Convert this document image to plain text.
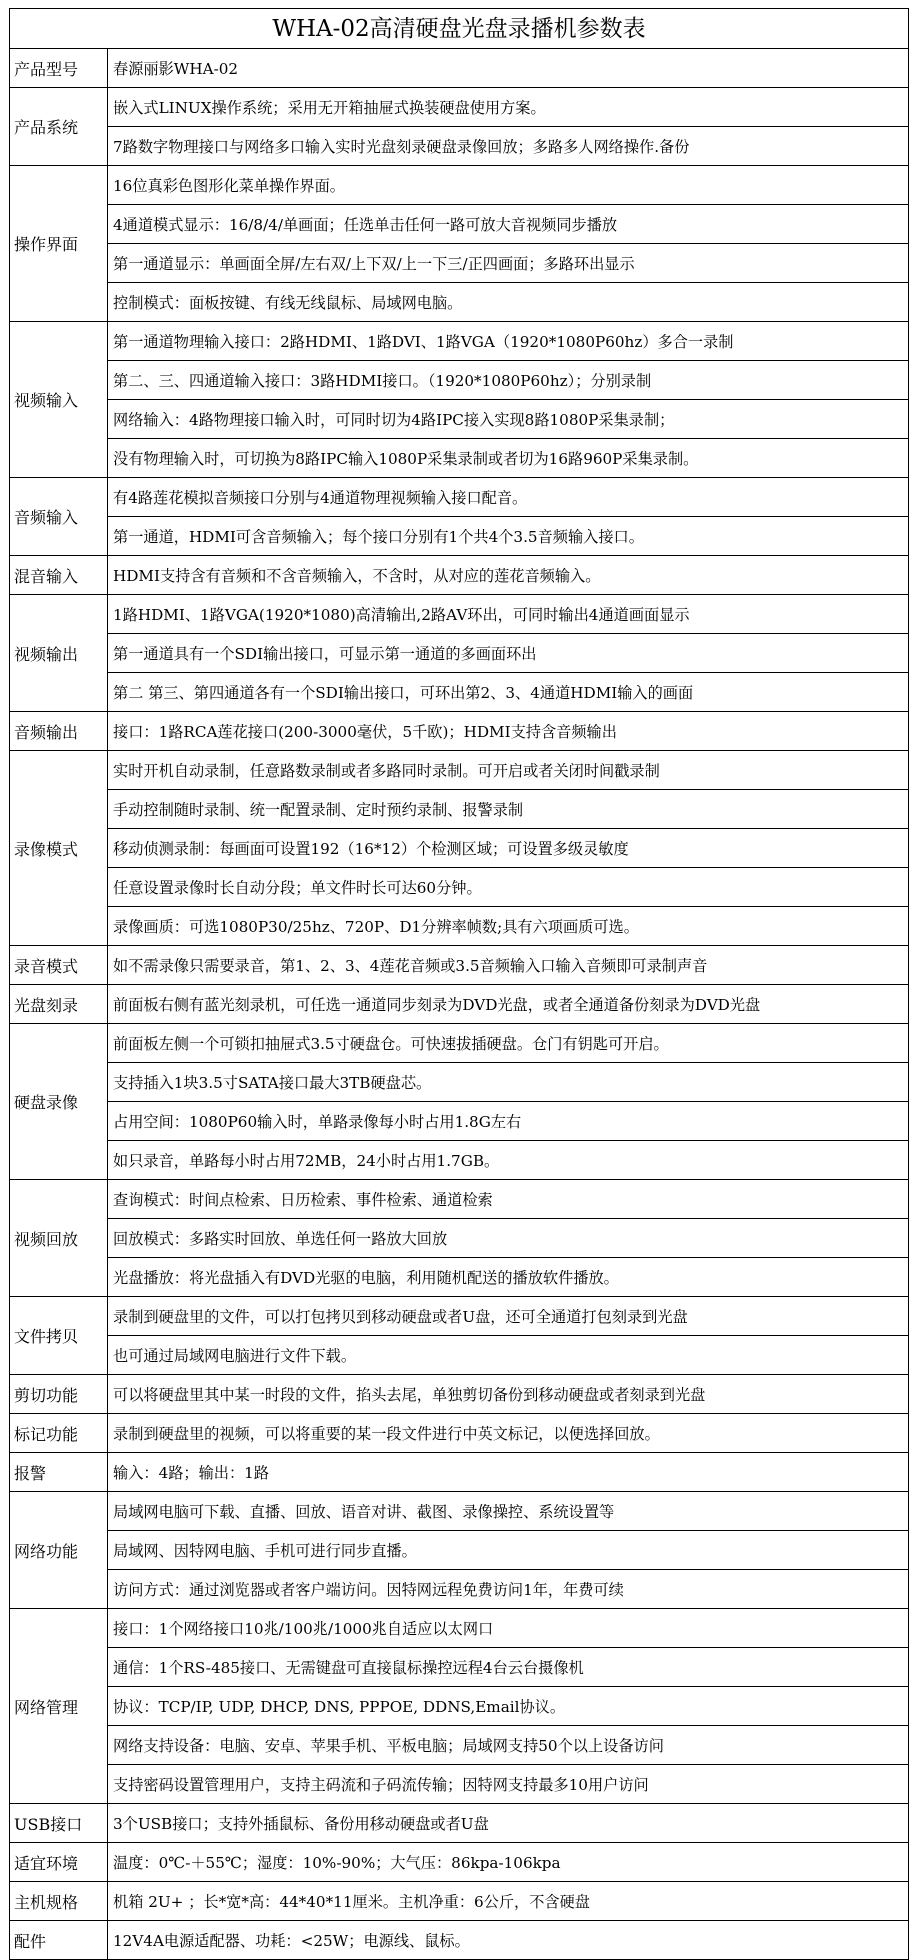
WHA-02高清硬盘光盘录播机参数表
产品型号	春源丽影WHA-02
产品系统	嵌入式LINUX操作系统；采用无开箱抽屉式换装硬盘使用方案。
	7路数字物理接口与网络多口输入实时光盘刻录硬盘录像回放；多路多人网络操作.备份
操作界面	16位真彩色图形化菜单操作界面。
	4通道模式显示：16/8/4/单画面；任选单击任何一路可放大音视频同步播放
	第一通道显示：单画面全屏/左右双/上下双/上一下三/正四画面；多路环出显示
	控制模式：面板按键、有线无线鼠标、局域网电脑。
视频输入	第一通道物理输入接口：2路HDMI、1路DVI、1路VGA（1920*1080P60hz）多合一录制
	第二、三、四通道输入接口：3路HDMI接口。（1920*1080P60hz）；分别录制
	网络输入：4路物理接口输入时，可同时切为4路IPC接入实现8路1080P采集录制；
	没有物理输入时，可切换为8路IPC输入1080P采集录制或者切为16路960P采集录制。
音频输入	有4路莲花模拟音频接口分别与4通道物理视频输入接口配音。
	第一通道，HDMI可含音频输入；每个接口分别有1个共4个3.5音频输入接口。
混音输入	HDMI支持含有音频和不含音频输入，不含时，从对应的莲花音频输入。
视频输出	1路HDMI、1路VGA(1920*1080)高清输出,2路AV环出，可同时输出4通道画面显示
	第一通道具有一个SDI输出接口，可显示第一通道的多画面环出
	第二 第三、第四通道各有一个SDI输出接口，可环出第2、3、4通道HDMI输入的画面
音频输出	接口：1路RCA莲花接口(200-3000毫伏，5千欧)；HDMI支持含音频输出
录像模式	实时开机自动录制，任意路数录制或者多路同时录制。可开启或者关闭时间戳录制
	手动控制随时录制、统一配置录制、定时预约录制、报警录制
	移动侦测录制：每画面可设置192（16*12）个检测区域；可设置多级灵敏度
	任意设置录像时长自动分段；单文件时长可达60分钟。
	录像画质：可选1080P30/25hz、720P、D1分辨率帧数;具有六项画质可选。
录音模式	如不需录像只需要录音，第1、2、3、4莲花音频或3.5音频输入口输入音频即可录制声音
光盘刻录	前面板右侧有蓝光刻录机，可任选一通道同步刻录为DVD光盘，或者全通道备份刻录为DVD光盘
硬盘录像	前面板左侧一个可锁扣抽屉式3.5寸硬盘仓。可快速拔插硬盘。仓门有钥匙可开启。
	支持插入1块3.5寸SATA接口最大3TB硬盘芯。
	占用空间：1080P60输入时，单路录像每小时占用1.8G左右
	如只录音，单路每小时占用72MB，24小时占用1.7GB。
视频回放	查询模式：时间点检索、日历检索、事件检索、通道检索
	回放模式：多路实时回放、单选任何一路放大回放
	光盘播放：将光盘插入有DVD光驱的电脑，利用随机配送的播放软件播放。
文件拷贝	录制到硬盘里的文件，可以打包拷贝到移动硬盘或者U盘，还可全通道打包刻录到光盘
	也可通过局域网电脑进行文件下载。
剪切功能	可以将硬盘里其中某一时段的文件，掐头去尾，单独剪切备份到移动硬盘或者刻录到光盘
标记功能	录制到硬盘里的视频，可以将重要的某一段文件进行中英文标记，以便选择回放。
报警	输入：4路；输出：1路
网络功能	局域网电脑可下载、直播、回放、语音对讲、截图、录像操控、系统设置等
	局域网、因特网电脑、手机可进行同步直播。
	访问方式：通过浏览器或者客户端访问。因特网远程免费访问1年，年费可续
网络管理	接口：1个网络接口10兆/100兆/1000兆自适应以太网口
	通信：1个RS-485接口、无需键盘可直接鼠标操控远程4台云台摄像机
	协议：TCP/IP, UDP, DHCP, DNS, PPPOE, DDNS,Email协议。
	网络支持设备：电脑、安卓、苹果手机、平板电脑；局域网支持50个以上设备访问
	支持密码设置管理用户，支持主码流和子码流传输；因特网支持最多10用户访问
USB接口	3个USB接口；支持外插鼠标、备份用移动硬盘或者U盘
适宜环境	温度：0℃-＋55℃；湿度：10%-90%；大气压：86kpa-106kpa
主机规格	机箱 2U+ ；长*宽*高：44*40*11厘米。主机净重：6公斤，不含硬盘
配件	12V4A电源适配器、功耗：<25W；电源线、鼠标。
